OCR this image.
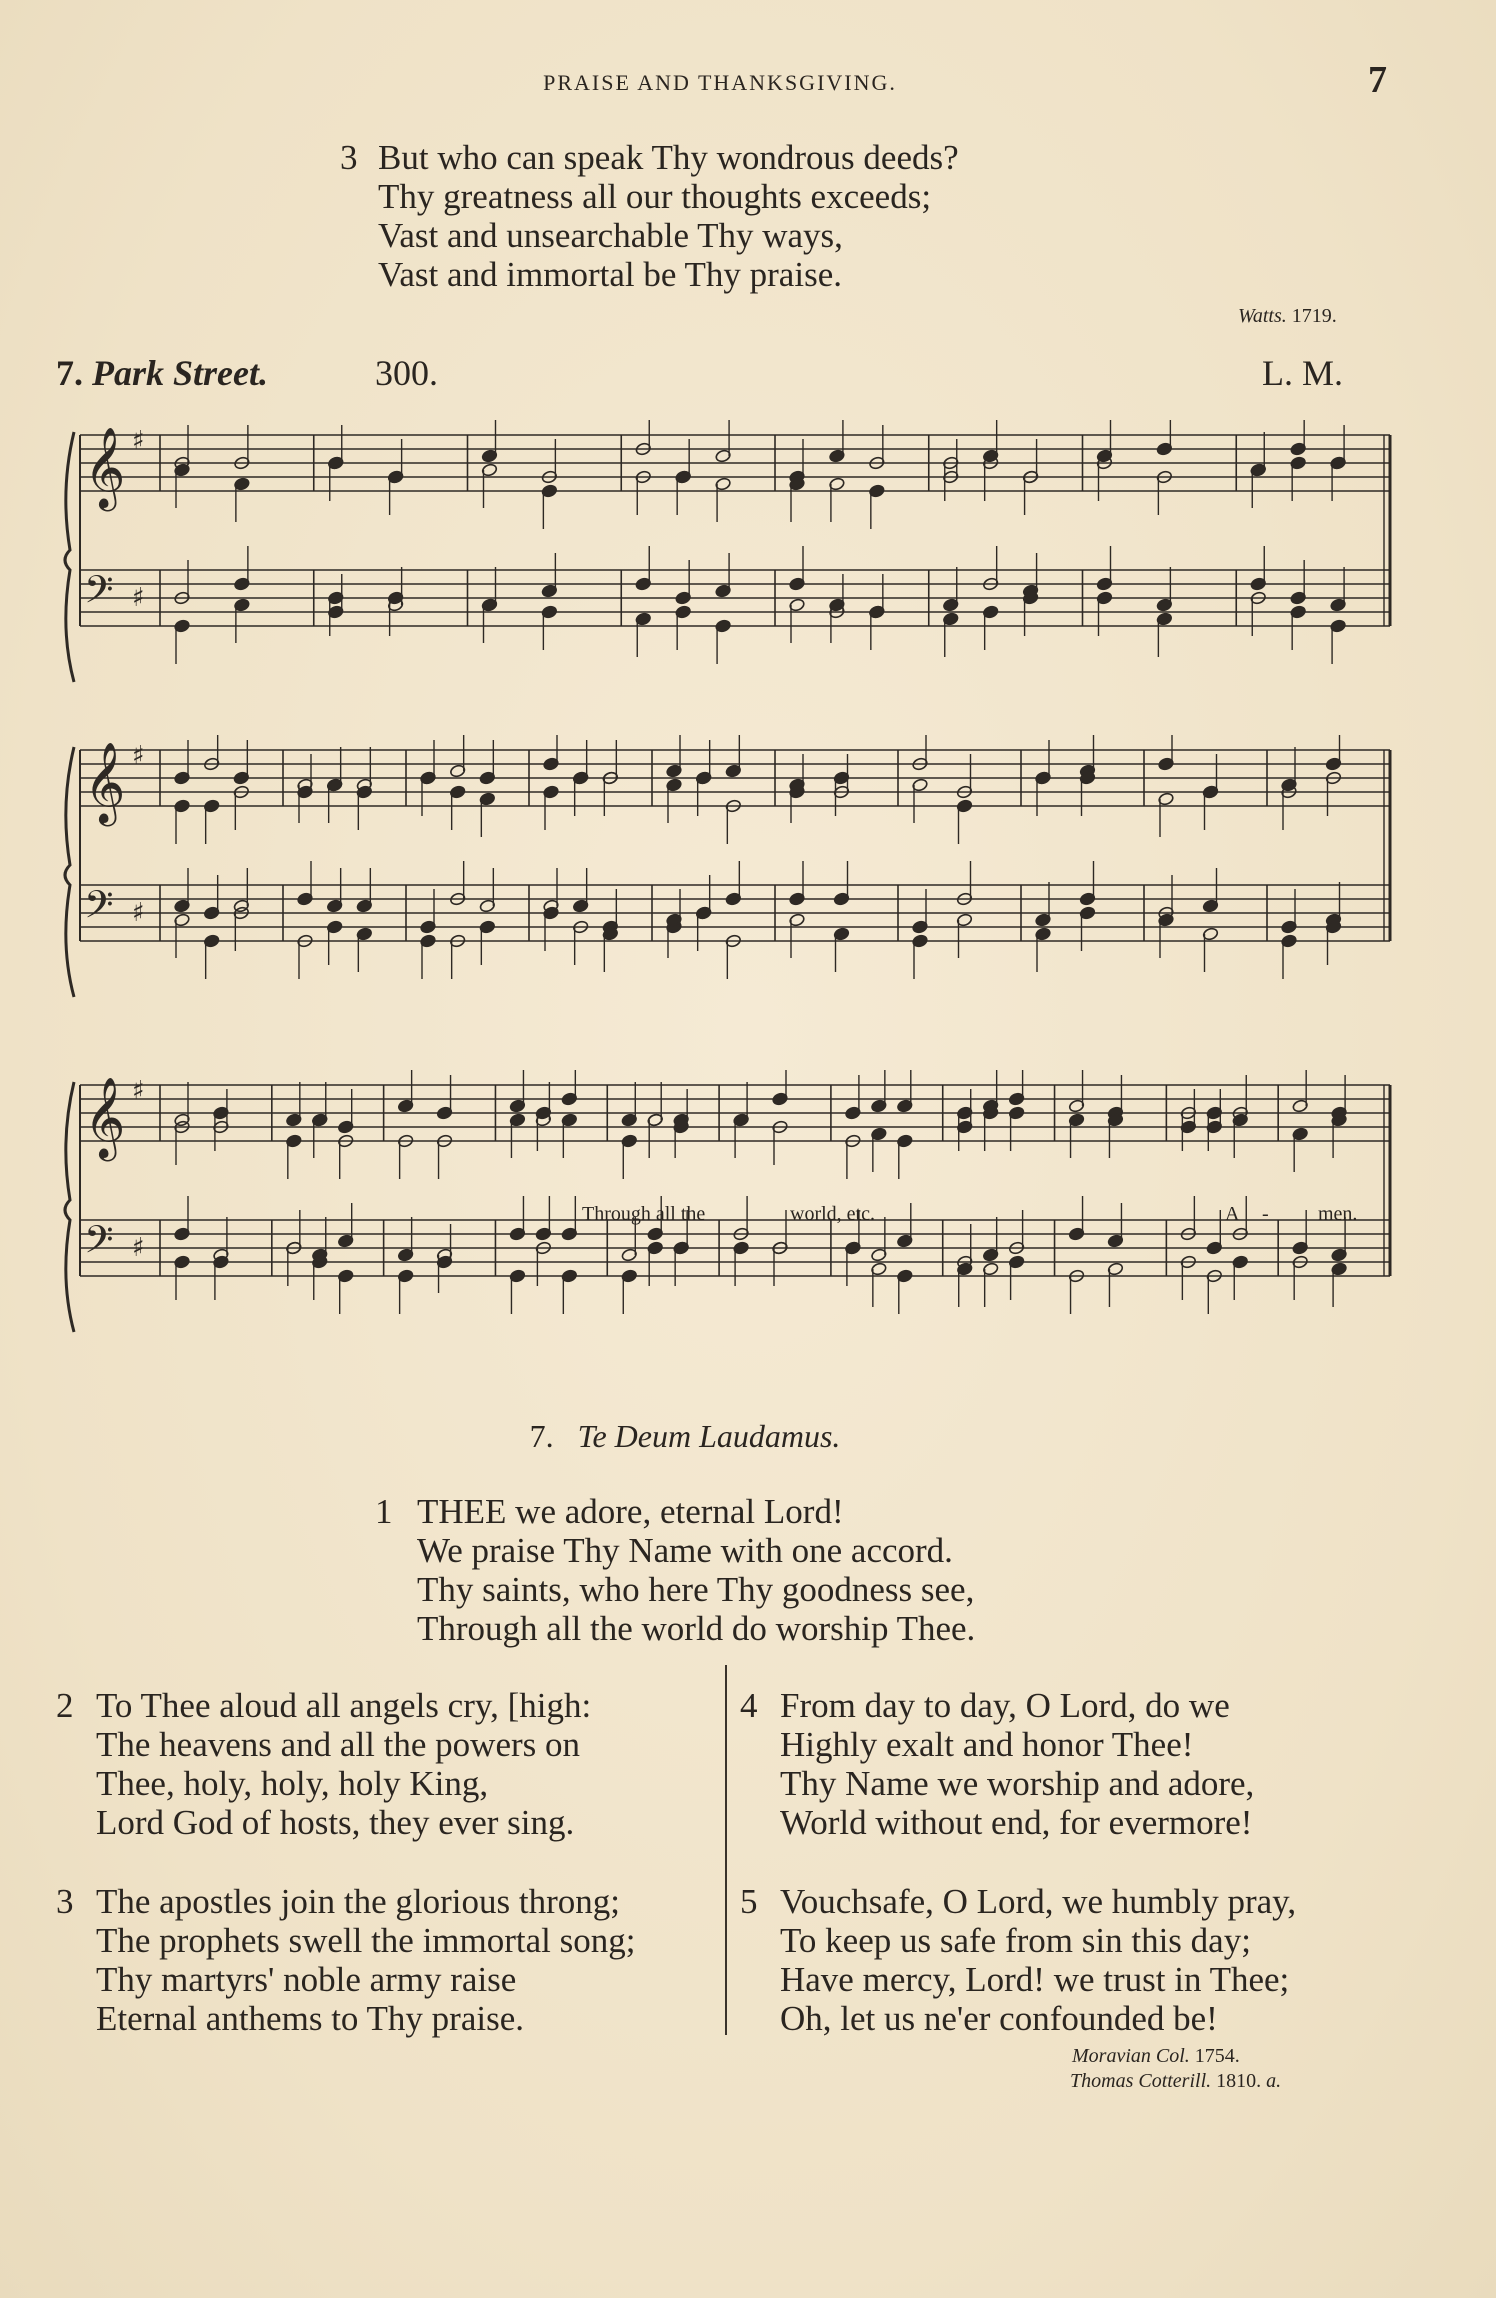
PRAISE AND THANKSGIVING.	7
3 But who can speak Thy wondrous deeds?
Thy greatness all our thoughts exceeds;
Vast and unsearchable Thy ways,
Vast and immortal be Thy praise.
Watts. 1719.
7. Park Street.	300.	L. M.
𝄞 ♯
𝄢 ♯
𝄞 ♯
𝄢 ♯
𝄞 ♯
𝄢 ♯
Through all the	world, etc.	A - men.
7. Te Deum Laudamus.
1 THEE we adore, eternal Lord!
We praise Thy Name with one accord.
Thy saints, who here Thy goodness see,
Through all the world do worship Thee.
2 To Thee aloud all angels cry, [high:
The heavens and all the powers on
Thee, holy, holy, holy King,
Lord God of hosts, they ever sing.
3 The apostles join the glorious throng;
The prophets swell the immortal song;
Thy martyrs' noble army raise
Eternal anthems to Thy praise.
4 From day to day, O Lord, do we
Highly exalt and honor Thee!
Thy Name we worship and adore,
World without end, for evermore!
5 Vouchsafe, O Lord, we humbly pray,
To keep us safe from sin this day;
Have mercy, Lord! we trust in Thee;
Oh, let us ne'er confounded be!
Moravian Col. 1754.
Thomas Cotterill. 1810. a.
